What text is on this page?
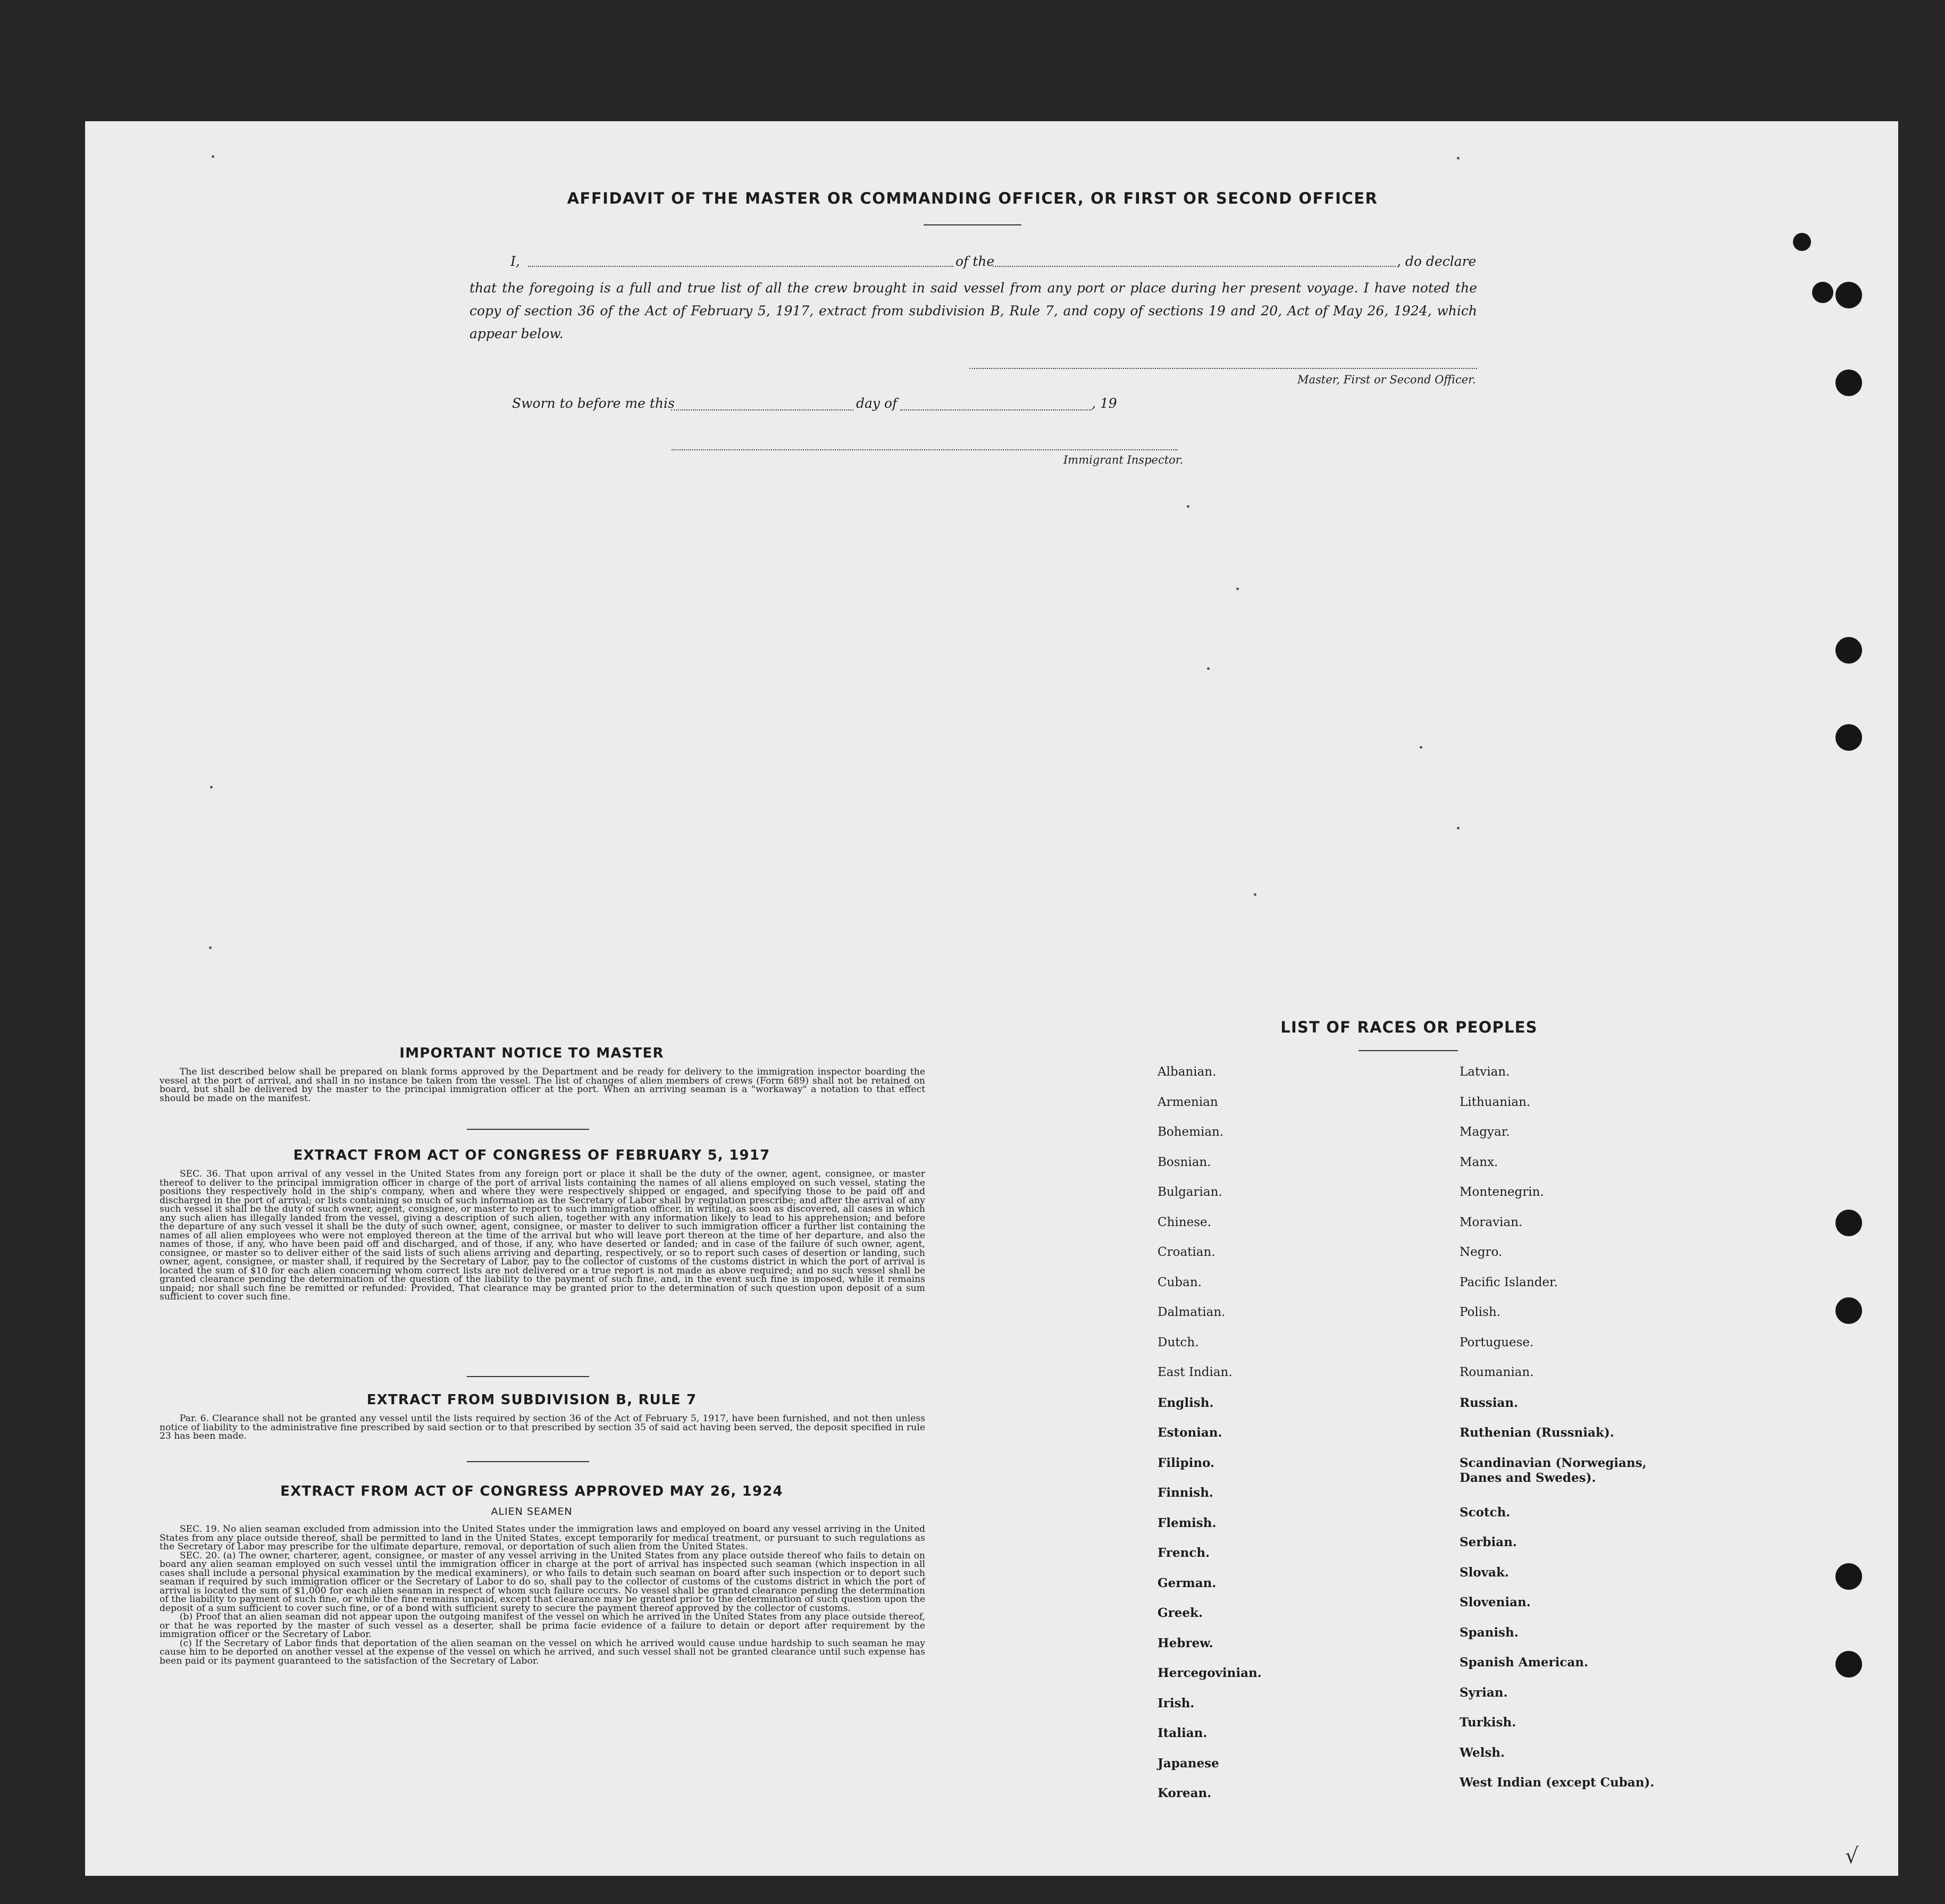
AFFIDAVIT OF THE MASTER OR COMMANDING OFFICER, OR FIRST OR SECOND OFFICER
I,	of the	, do declare
that the foregoing is a full and true list of all the crew brought in said vessel from any port or place during her present voyage. I have noted the copy of section 36 of the Act of February 5, 1917, extract from subdivision B, Rule 7, and copy of sections 19 and 20, Act of May 26, 1924, which appear below.
Master, First or Second Officer.
Sworn to before me this	day of	, 19
Immigrant Inspector.
IMPORTANT NOTICE TO MASTER

The list described below shall be prepared on blank forms approved by the Department and be ready for delivery to the immigration inspector boarding the vessel at the port of arrival, and shall in no instance be taken from the vessel. The list of changes of alien members of crews (Form 689) shall not be retained on board, but shall be delivered by the master to the principal immigration officer at the port. When an arriving seaman is a "workaway" a notation to that effect should be made on the manifest.

EXTRACT FROM ACT OF CONGRESS OF FEBRUARY 5, 1917

SEC. 36. That upon arrival of any vessel in the United States from any foreign port or place it shall be the duty of the owner, agent, consignee, or master thereof to deliver to the principal immigration officer in charge of the port of arrival lists containing the names of all aliens employed on such vessel, stating the positions they respectively hold in the ship's company, when and where they were respectively shipped or engaged, and specifying those to be paid off and discharged in the port of arrival; or lists containing so much of such information as the Secretary of Labor shall by regulation prescribe; and after the arrival of any such vessel it shall be the duty of such owner, agent, consignee, or master to report to such immigration officer, in writing, as soon as discovered, all cases in which any such alien has illegally landed from the vessel, giving a description of such alien, together with any information likely to lead to his apprehension; and before the departure of any such vessel it shall be the duty of such owner, agent, consignee, or master to deliver to such immigration officer a further list containing the names of all alien employees who were not employed thereon at the time of the arrival but who will leave port thereon at the time of her departure, and also the names of those, if any, who have been paid off and discharged, and of those, if any, who have deserted or landed; and in case of the failure of such owner, agent, consignee, or master so to deliver either of the said lists of such aliens arriving and departing, respectively, or so to report such cases of desertion or landing, such owner, agent, consignee, or master shall, if required by the Secretary of Labor, pay to the collector of customs of the customs district in which the port of arrival is located the sum of $10 for each alien concerning whom correct lists are not delivered or a true report is not made as above required; and no such vessel shall be granted clearance pending the determination of the question of the liability to the payment of such fine, and, in the event such fine is imposed, while it remains unpaid; nor shall such fine be remitted or refunded: Provided, That clearance may be granted prior to the determination of such question upon deposit of a sum sufficient to cover such fine.

EXTRACT FROM SUBDIVISION B, RULE 7

Par. 6. Clearance shall not be granted any vessel until the lists required by section 36 of the Act of February 5, 1917, have been furnished, and not then unless notice of liability to the administrative fine prescribed by said section or to that prescribed by section 35 of said act having been served, the deposit specified in rule 23 has been made.

EXTRACT FROM ACT OF CONGRESS APPROVED MAY 26, 1924
ALIEN SEAMEN

SEC. 19. No alien seaman excluded from admission into the United States under the immigration laws and employed on board any vessel arriving in the United States from any place outside thereof, shall be permitted to land in the United States, except temporarily for medical treatment, or pursuant to such regulations as the Secretary of Labor may prescribe for the ultimate departure, removal, or deportation of such alien from the United States.

SEC. 20. (a) The owner, charterer, agent, consignee, or master of any vessel arriving in the United States from any place outside thereof who fails to detain on board any alien seaman employed on such vessel until the immigration officer in charge at the port of arrival has inspected such seaman (which inspection in all cases shall include a personal physical examination by the medical examiners), or who fails to detain such seaman on board after such inspection or to deport such seaman if required by such immigration officer or the Secretary of Labor to do so, shall pay to the collector of customs of the customs district in which the port of arrival is located the sum of $1,000 for each alien seaman in respect of whom such failure occurs. No vessel shall be granted clearance pending the determination of the liability to payment of such fine, or while the fine remains unpaid, except that clearance may be granted prior to the determination of such question upon the deposit of a sum sufficient to cover such fine, or of a bond with sufficient surety to secure the payment thereof approved by the collector of customs.

(b) Proof that an alien seaman did not appear upon the outgoing manifest of the vessel on which he arrived in the United States from any place outside thereof, or that he was reported by the master of such vessel as a deserter, shall be prima facie evidence of a failure to detain or deport after requirement by the immigration officer or the Secretary of Labor.

(c) If the Secretary of Labor finds that deportation of the alien seaman on the vessel on which he arrived would cause undue hardship to such seaman he may cause him to be deported on another vessel at the expense of the vessel on which he arrived, and such vessel shall not be granted clearance until such expense has been paid or its payment guaranteed to the satisfaction of the Secretary of Labor.

LIST OF RACES OR PEOPLES
Albanian.
Armenian
Bohemian.
Bosnian.
Bulgarian.
Chinese.
Croatian.
Cuban.
Dalmatian.
Dutch.
East Indian.
English.
Estonian.
Filipino.
Finnish.
Flemish.
French.
German.
Greek.
Hebrew.
Hercegovinian.
Irish.
Italian.
Japanese
Korean.
Latvian.
Lithuanian.
Magyar.
Manx.
Montenegrin.
Moravian.
Negro.
Pacific Islander.
Polish.
Portuguese.
Roumanian.
Russian.
Ruthenian (Russniak).
Scandinavian (Norwegians, Danes and Swedes).
Scotch.
Serbian.
Slovak.
Slovenian.
Spanish.
Spanish American.
Syrian.
Turkish.
Welsh.
West Indian (except Cuban).
√
